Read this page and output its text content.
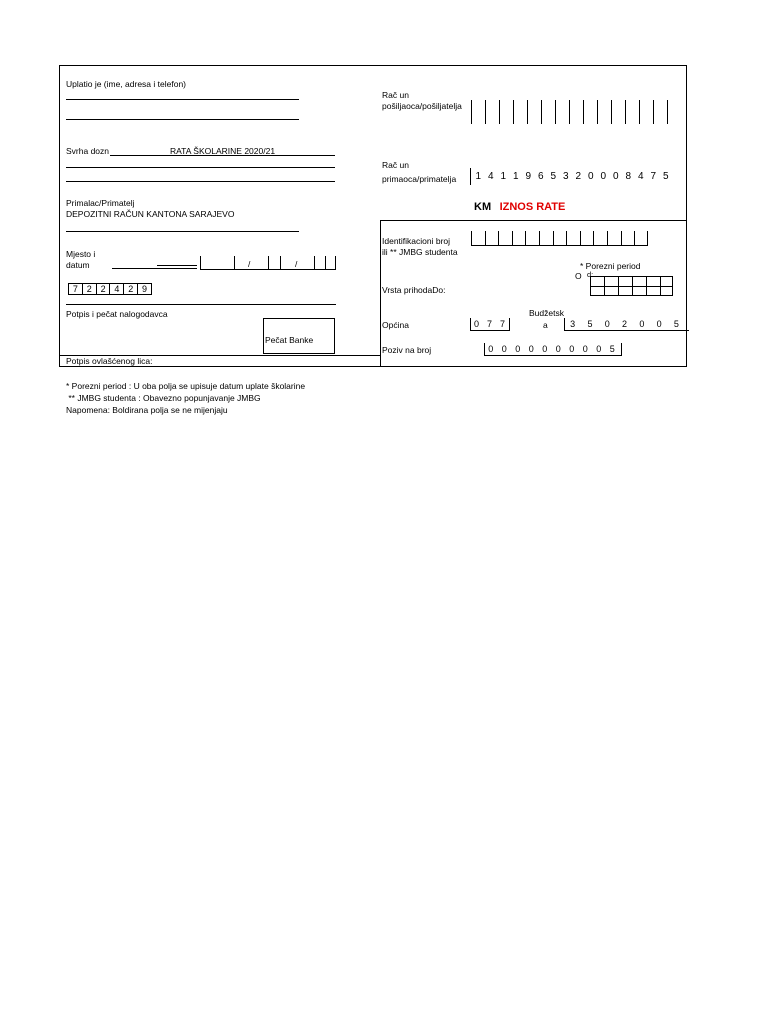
Uplatio je (ime, adresa i telefon)
Svrha dozn	RATA ŠKOLARINE 2020/21
Primalac/Primatelj
DEPOZITNI RAČUN KANTONA SARAJEVO
Mjesto i
datum	/	/
7 2 2 4 2 9
Potpis i pečat nalogodavca
Pečat Banke
Potpis ovlašćenog lica:
Rač un
pošiljaoca/pošiljatelja
Rač un
primaoca/primatelja	1 4 1 1 9 6 5 3 2 0 0 0 8 4 7 5
KM IZNOS RATE
Identifikacioni broj
ili ** JMBG studenta
* Porezni period
O d:
Vrsta prihodaDo:
Budžetsk
a
Općina	0 7 7	3	5	0	2	0	0	5
Poziv na broj	0 0 0 0 0 0 0 0 0 5
* Porezni period : U oba polja se upisuje datum uplate školarine
** JMBG studenta : Obavezno popunjavanje JMBG
Napomena: Boldirana polja se ne mijenjaju
